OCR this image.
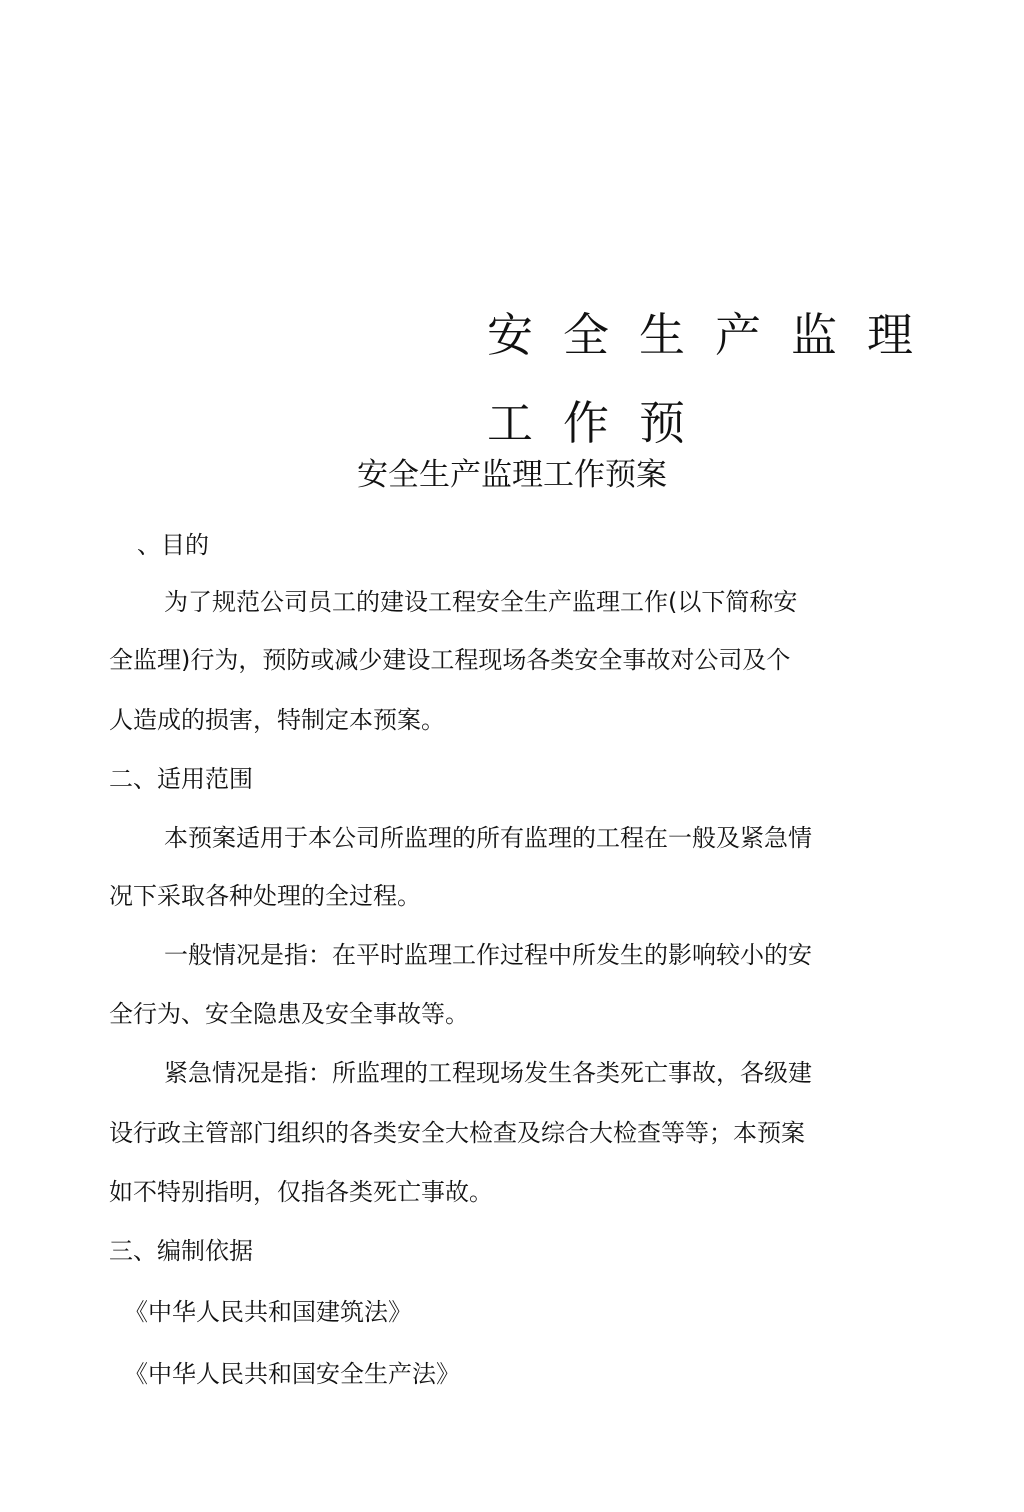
安全生产监理
工作预
安全生产监理工作预案
、目的
为了规范公司员工的建设工程安全生产监理工作(以下简称安
全监理)行为，预防或减少建设工程现场各类安全事故对公司及个
人造成的损害，特制定本预案。
二、适用范围
本预案适用于本公司所监理的所有监理的工程在一般及紧急情
况下采取各种处理的全过程。
一般情况是指：在平时监理工作过程中所发生的影响较小的安
全行为、安全隐患及安全事故等。
紧急情况是指：所监理的工程现场发生各类死亡事故，各级建
设行政主管部门组织的各类安全大检查及综合大检查等等；本预案
如不特别指明，仅指各类死亡事故。
三、编制依据
《中华人民共和国建筑法》
《中华人民共和国安全生产法》
